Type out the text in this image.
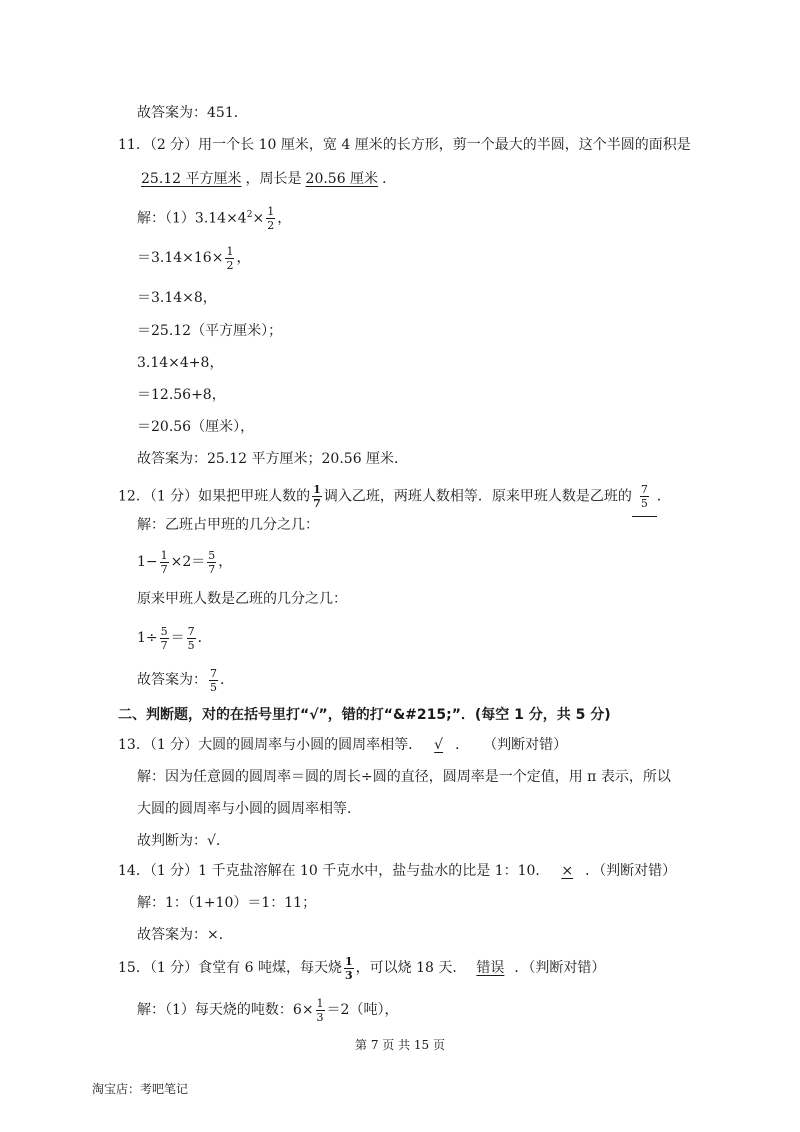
故答案为：451．
11．（2 分）用一个长 10 厘米，宽 4 厘米的长方形，剪一个最大的半圆，这个半圆的面积是
25.12 平方厘米 ，周长是 20.56 厘米 ．
解：$(1)3.14\times 4^2\times \frac{1}{2}$ ，
$=3.14\times 16\times \frac{1}{2}$ ，
＝3.14×8，
＝25.12（平方厘米）；
3.14×4+8，
＝12.56+8，
＝20.56（厘米），
故答案为：25.12 平方厘米；20.56 厘米．
12．（1 分）如果把甲班人数的 $\frac{1}{7}$ 调入乙班，两班人数相等．原来甲班人数是乙班的 $\frac{7}{5}$ ．
解：乙班占甲班的几分之几：
$1- \frac{1}{7} \times 2= \frac{5}{7}$ ，
原来甲班人数是乙班的几分之几：
$1\div \frac{5}{7} = \frac{7}{5}$ ．
故答案为： $\frac{7}{5}$ ．
二、判断题，对的在括号里打“√”，错的打“&#215;”．(每空 1 分，共 5 分)
13．（1 分）大圆的圆周率与小圆的圆周率相等． √ ．　　（判断对错）
解：因为任意圆的圆周率＝圆的周长÷圆的直径，圆周率是一个定值，用 π 表示，所以
大圆的圆周率与小圆的圆周率相等．
故判断为：√．
14．（1 分）1 千克盐溶解在 10 千克水中，盐与盐水的比是 1：10． × ．（判断对错）
解：1：（1+10）＝1：11；
故答案为：×．
15．（1 分）食堂有 6 吨煤，每天烧 $\frac{1}{3}$ ，可以烧 18 天． 错误 ．（判断对错）
解：（1）每天烧的吨数：$6\times \frac{1}{3} =2$（吨），
第 7 页 共 15 页
淘宝店：考吧笔记
